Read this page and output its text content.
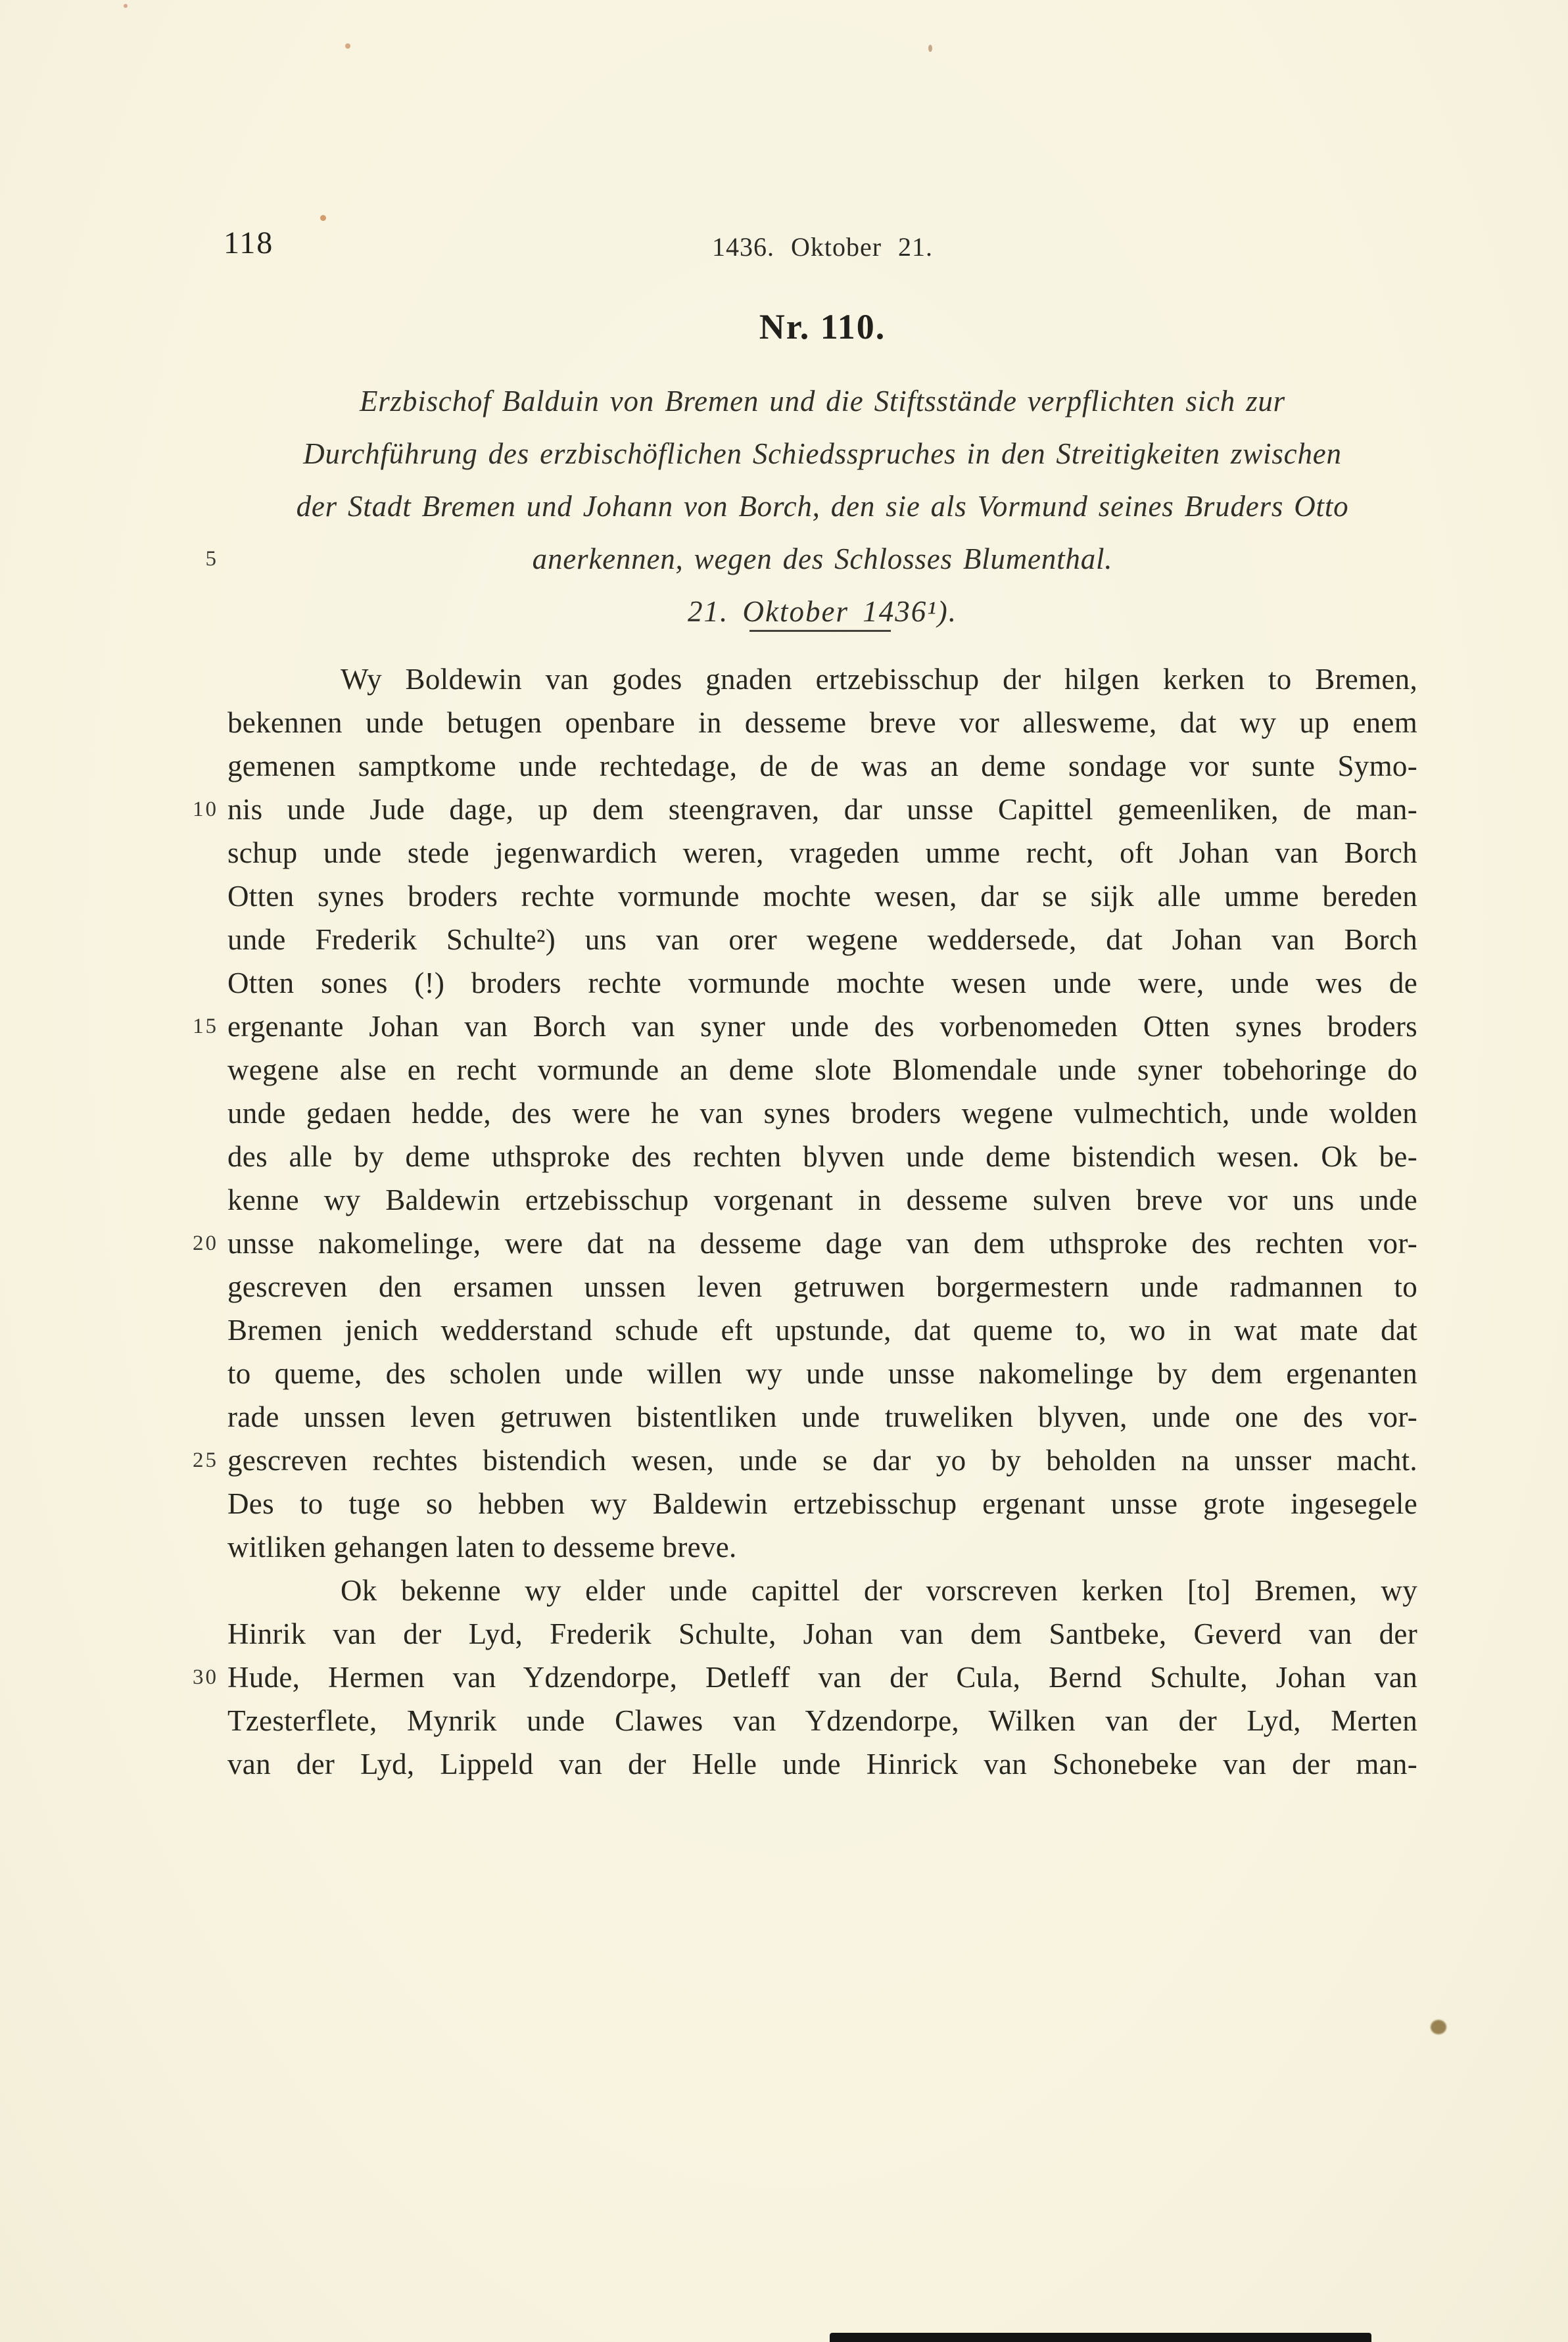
118	1436. Oktober 21.
Nr. 110.
Erzbischof Balduin von Bremen und die Stiftsstände verpflichten sich zur
Durchführung des erzbischöflichen Schiedsspruches in den Streitigkeiten zwischen
der Stadt Bremen und Johann von Borch, den sie als Vormund seines Bruders Otto
anerkennen, wegen des Schlosses Blumenthal.
21. Oktober 1436¹).
5
10
15
20
25
30
Wy Boldewin van godes gnaden ertzebisschup der hilgen kerken to Bremen,
bekennen unde betugen openbare in desseme breve vor allesweme, dat wy up enem
gemenen samptkome unde rechtedage, de de was an deme sondage vor sunte Symo-
nis unde Jude dage, up dem steengraven, dar unsse Capittel gemeenliken, de man-
schup unde stede jegenwardich weren, vrageden umme recht, oft Johan van Borch
Otten synes broders rechte vormunde mochte wesen, dar se sijk alle umme bereden
unde Frederik Schulte²) uns van orer wegene weddersede, dat Johan van Borch
Otten sones (!) broders rechte vormunde mochte wesen unde were, unde wes de
ergenante Johan van Borch van syner unde des vorbenomeden Otten synes broders
wegene alse en recht vormunde an deme slote Blomendale unde syner tobehoringe do
unde gedaen hedde, des were he van synes broders wegene vulmechtich, unde wolden
des alle by deme uthsproke des rechten blyven unde deme bistendich wesen. Ok be-
kenne wy Baldewin ertzebisschup vorgenant in desseme sulven breve vor uns unde
unsse nakomelinge, were dat na desseme dage van dem uthsproke des rechten vor-
gescreven den ersamen unssen leven getruwen borgermestern unde radmannen to
Bremen jenich wedderstand schude eft upstunde, dat queme to, wo in wat mate dat
to queme, des scholen unde willen wy unde unsse nakomelinge by dem ergenanten
rade unssen leven getruwen bistentliken unde truweliken blyven, unde one des vor-
gescreven rechtes bistendich wesen, unde se dar yo by beholden na unsser macht.
Des to tuge so hebben wy Baldewin ertzebisschup ergenant unsse grote ingesegele
witliken gehangen laten to desseme breve.
Ok bekenne wy elder unde capittel der vorscreven kerken [to] Bremen, wy
Hinrik van der Lyd, Frederik Schulte, Johan van dem Santbeke, Geverd van der
Hude, Hermen van Ydzendorpe, Detleff van der Cula, Bernd Schulte, Johan van
Tzesterflete, Mynrik unde Clawes van Ydzendorpe, Wilken van der Lyd, Merten
van der Lyd, Lippeld van der Helle unde Hinrick van Schonebeke van der man-
